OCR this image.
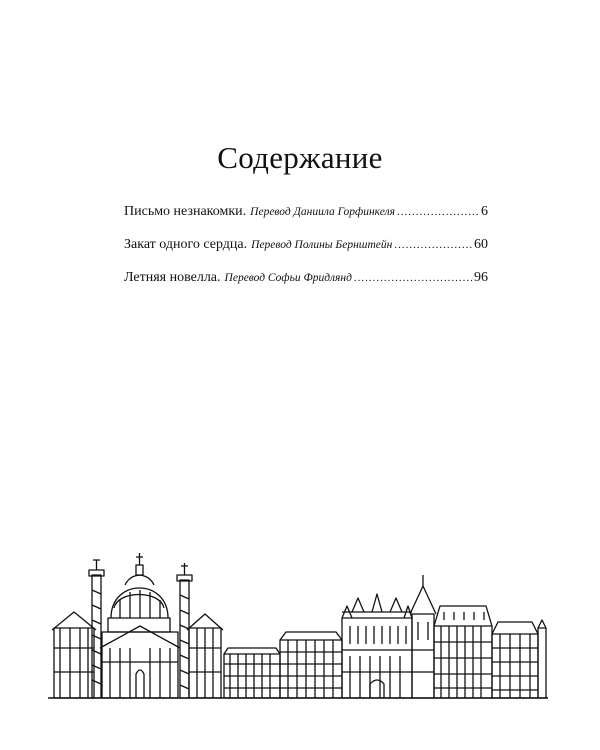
Содержание
Письмо незнакомки. Перевод Даниила Горфинкеля .....	6
Закат одного сердца. Перевод Полины Бернштейн .....	60
Летняя новелла. Перевод Софьи Фридлянд .....	96
